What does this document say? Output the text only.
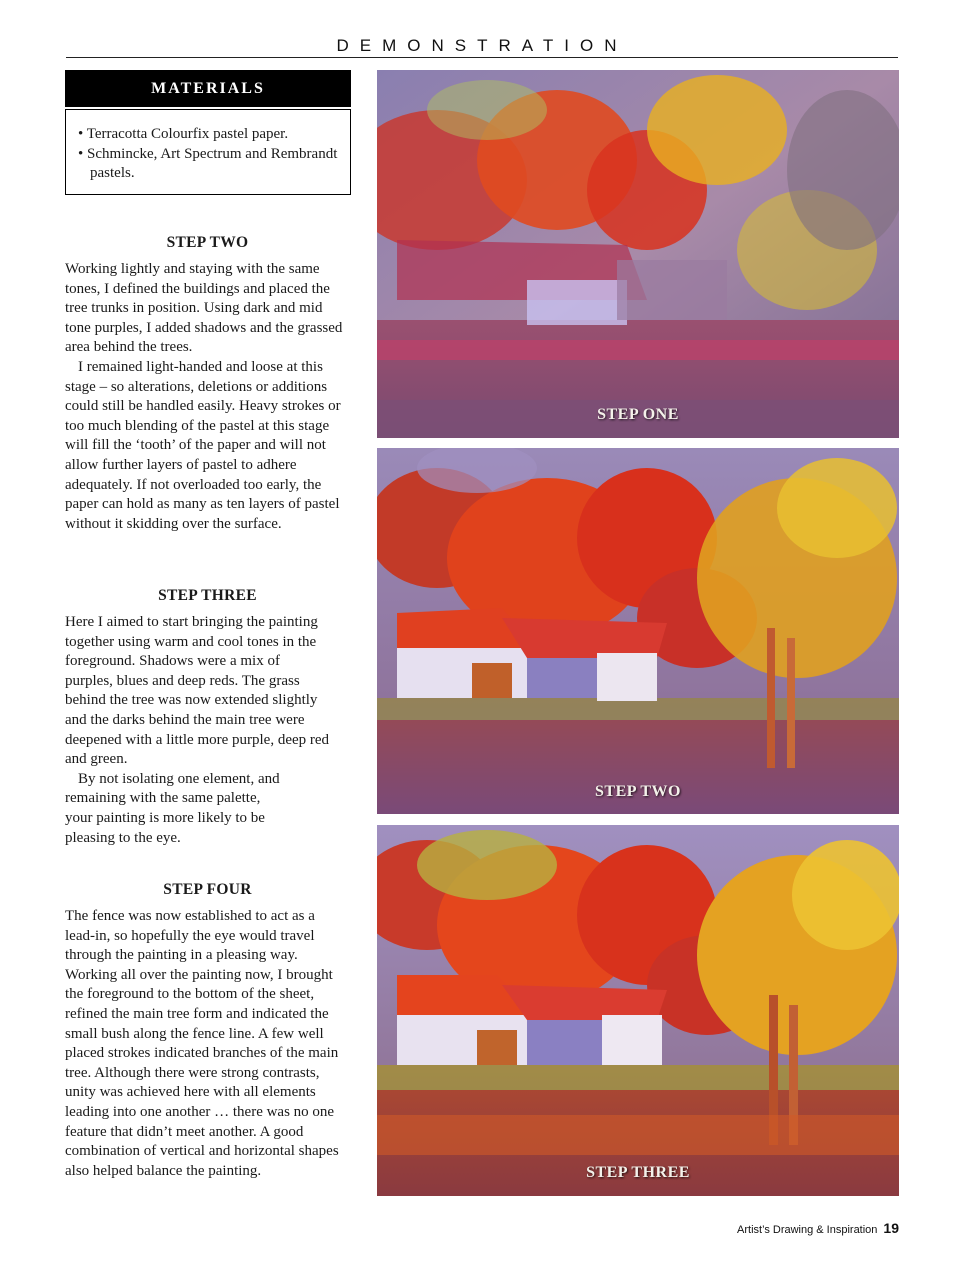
DEMONSTRATION
MATERIALS
• Terracotta Colourfix pastel paper.
• Schmincke, Art Spectrum and Rembrandt pastels.
STEP TWO
Working lightly and staying with the same tones, I defined the buildings and placed the tree trunks in position. Using dark and mid tone purples, I added shadows and the grassed area behind the trees.
I remained light-handed and loose at this stage – so alterations, deletions or additions could still be handled easily. Heavy strokes or too much blending of the pastel at this stage will fill the ‘tooth’ of the paper and will not allow further layers of pastel to adhere adequately. If not overloaded too early, the paper can hold as many as ten layers of pastel without it skidding over the surface.
STEP THREE
Here I aimed to start bringing the painting together using warm and cool tones in the foreground. Shadows were a mix of purples, blues and deep reds. The grass behind the tree was now extended slightly and the darks behind the main tree were deepened with a little more purple, deep red and green.
By not isolating one element, and remaining with the same palette, your painting is more likely to be pleasing to the eye.
STEP FOUR
The fence was now established to act as a lead-in, so hopefully the eye would travel through the painting in a pleasing way. Working all over the painting now, I brought the foreground to the bottom of the sheet, refined the main tree form and indicated the small bush along the fence line. A few well placed strokes indicated branches of the main tree. Although there were strong contrasts, unity was achieved here with all elements leading into one another … there was no one feature that didn’t meet another. A good combination of vertical and horizontal shapes also helped balance the painting.
STEP ONE
STEP TWO
STEP THREE
Artist’s Drawing & Inspiration 19
